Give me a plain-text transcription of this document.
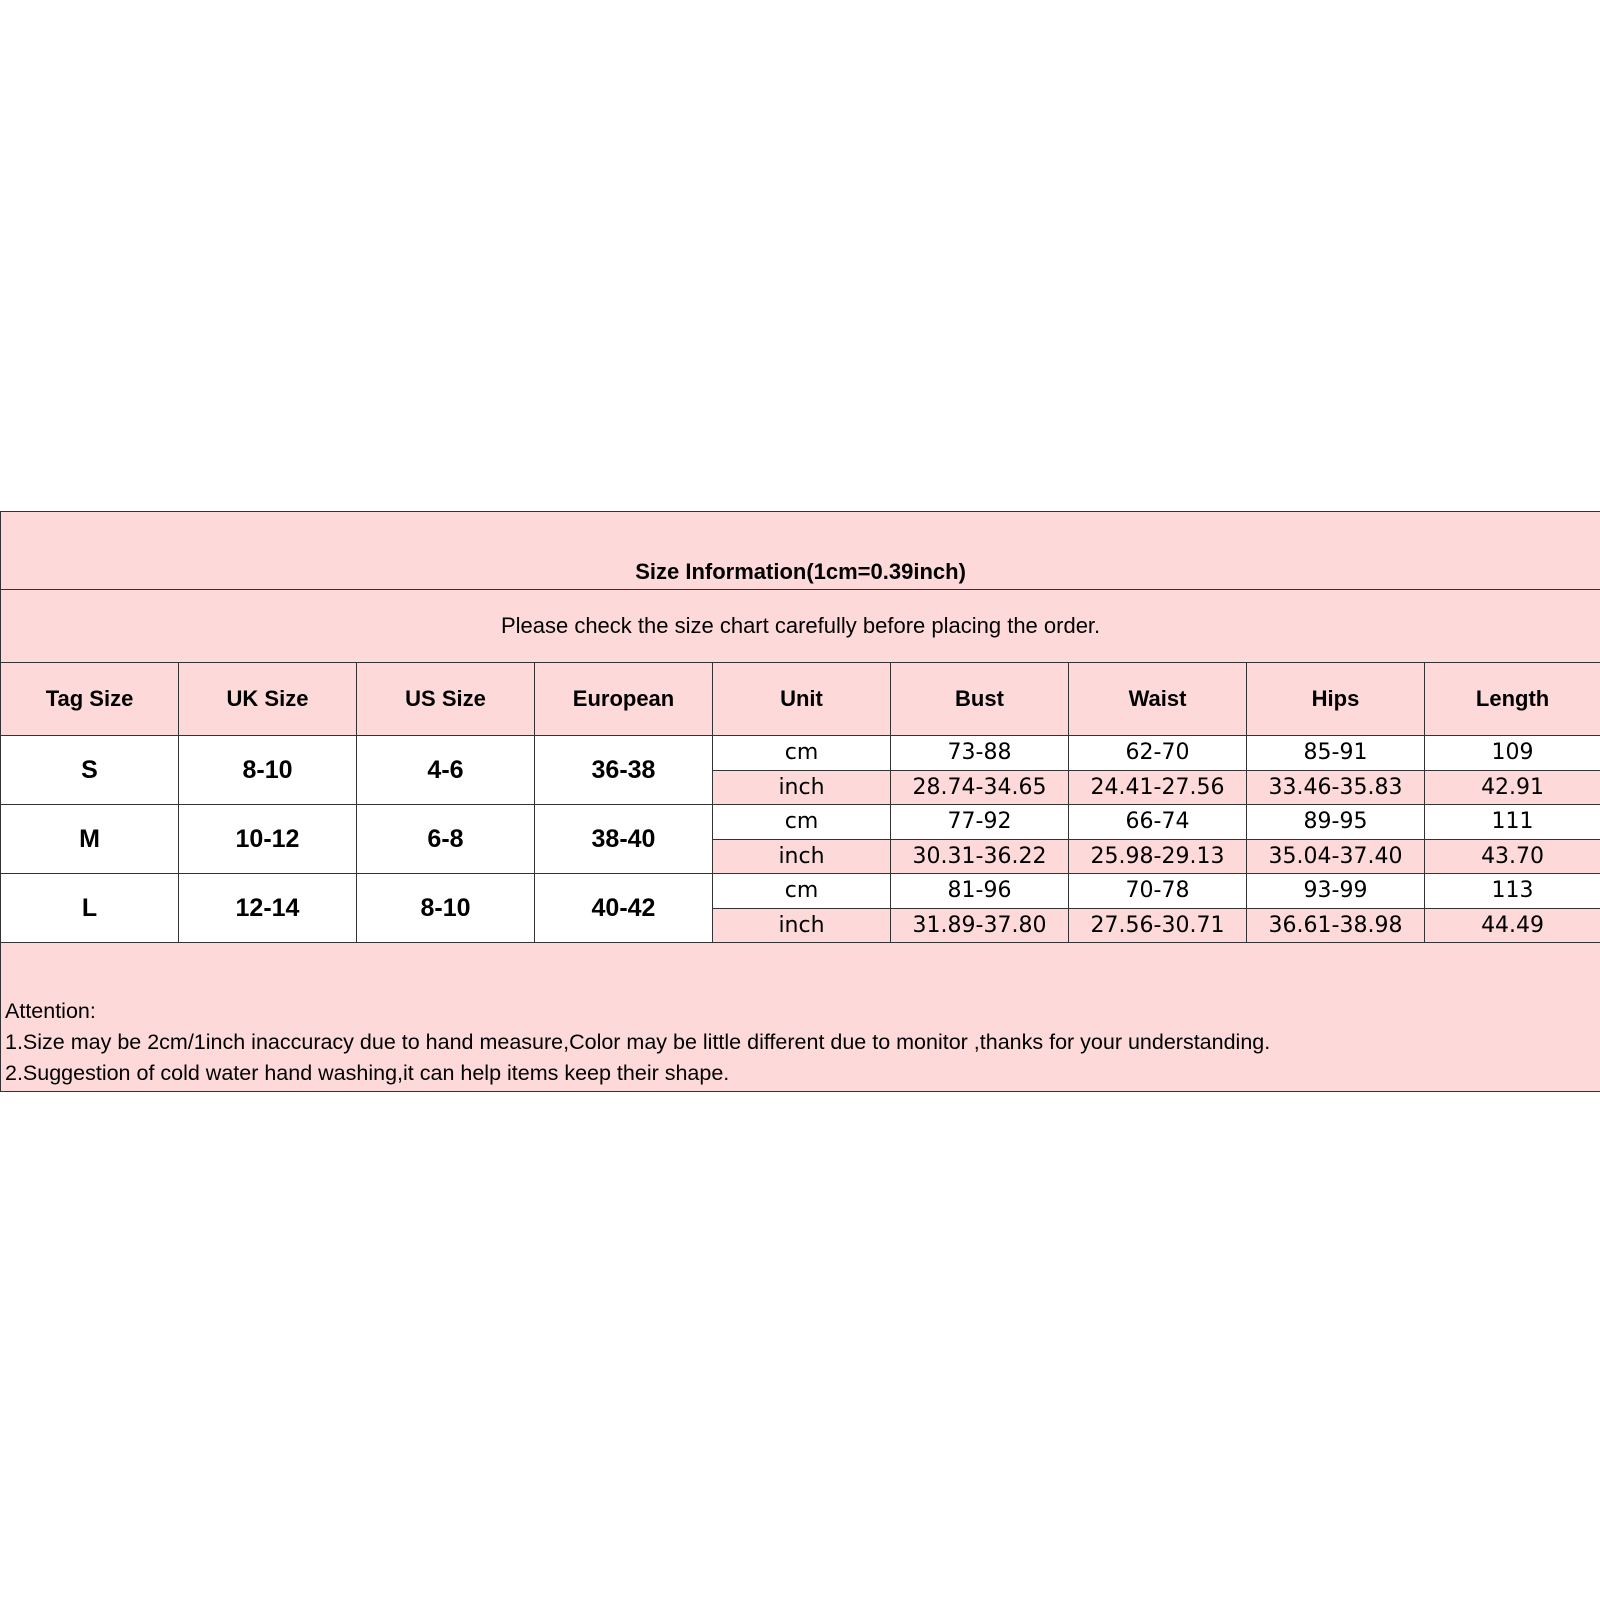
Size Information(1cm=0.39inch)								
Please check the size chart carefully before placing the order.								
Tag Size	UK Size	US Size	European	Unit	Bust	Waist	Hips	Length
S	8-10	4-6	36-38	cm	73-88	62-70	85-91	109
				inch	28.74-34.65	24.41-27.56	33.46-35.83	42.91
M	10-12	6-8	38-40	cm	77-92	66-74	89-95	111
				inch	30.31-36.22	25.98-29.13	35.04-37.40	43.70
L	12-14	8-10	40-42	cm	81-96	70-78	93-99	113
				inch	31.89-37.80	27.56-30.71	36.61-38.98	44.49

Attention:
1.Size may be 2cm/1inch inaccuracy due to hand measure,Color may be little different due to monitor ,thanks for your understanding.
2.Suggestion of cold water hand washing,it can help items keep their shape.								
